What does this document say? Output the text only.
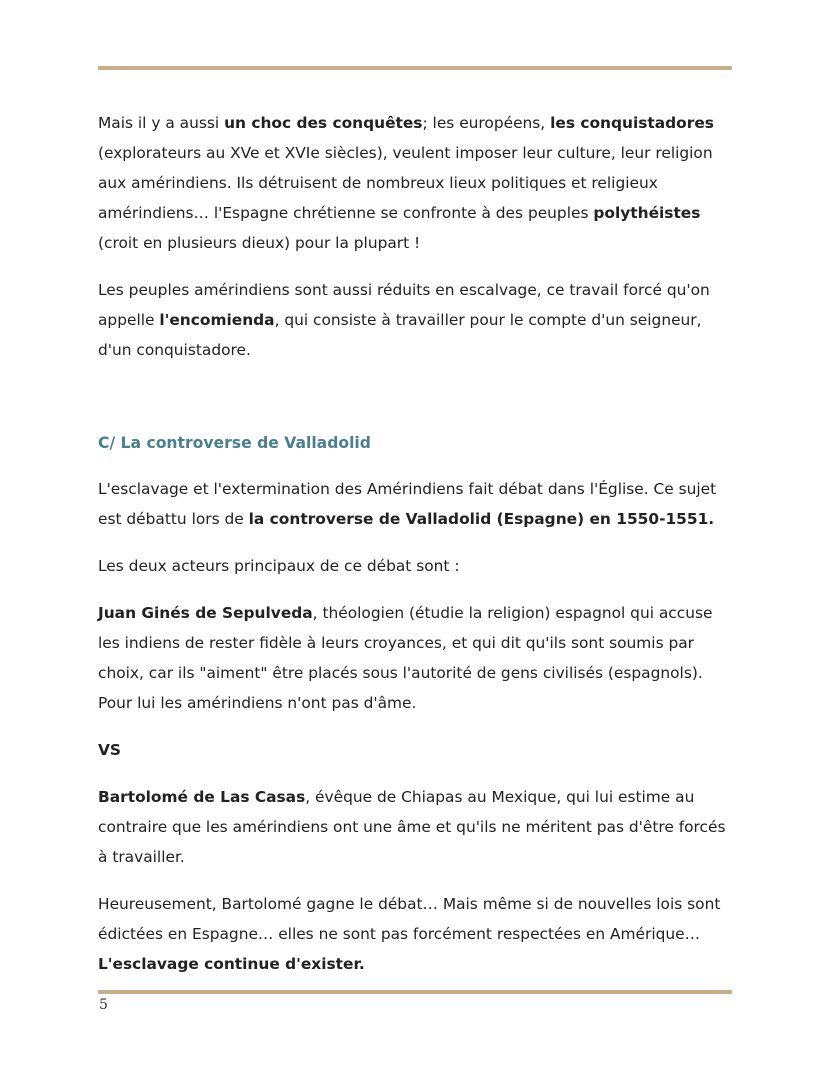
Mais il y a aussi un choc des conquêtes; les européens, les conquistadores (explorateurs au XVe et XVIe siècles), veulent imposer leur culture, leur religion aux amérindiens. Ils détruisent de nombreux lieux politiques et religieux amérindiens… l'Espagne chrétienne se confronte à des peuples polythéistes (croit en plusieurs dieux) pour la plupart !

Les peuples amérindiens sont aussi réduits en escalvage, ce travail forcé qu'on appelle l'encomienda, qui consiste à travailler pour le compte d'un seigneur, d'un conquistadore.

C/ La controverse de Valladolid

L'esclavage et l'extermination des Amérindiens fait débat dans l'Église. Ce sujet est débattu lors de la controverse de Valladolid (Espagne) en 1550-1551.

Les deux acteurs principaux de ce débat sont :

Juan Ginés de Sepulveda, théologien (étudie la religion) espagnol qui accuse les indiens de rester fidèle à leurs croyances, et qui dit qu'ils sont soumis par choix, car ils "aiment" être placés sous l'autorité de gens civilisés (espagnols). Pour lui les amérindiens n'ont pas d'âme.

VS

Bartolomé de Las Casas, évêque de Chiapas au Mexique, qui lui estime au contraire que les amérindiens ont une âme et qu'ils ne méritent pas d'être forcés à travailler.

Heureusement, Bartolomé gagne le débat… Mais même si de nouvelles lois sont édictées en Espagne… elles ne sont pas forcément respectées en Amérique… L'esclavage continue d'exister.

5
